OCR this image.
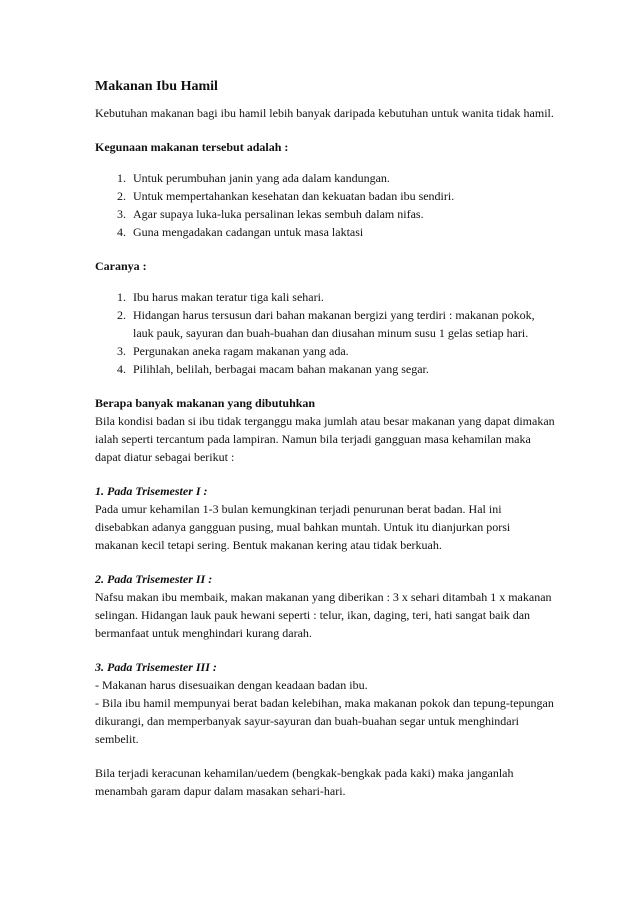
Makanan Ibu Hamil

Kebutuhan makanan bagi ibu hamil lebih banyak daripada kebutuhan untuk wanita tidak hamil.

Kegunaan makanan tersebut adalah :
1. Untuk perumbuhan janin yang ada dalam kandungan.
2. Untuk mempertahankan kesehatan dan kekuatan badan ibu sendiri.
3. Agar supaya luka-luka persalinan lekas sembuh dalam nifas.
4. Guna mengadakan cadangan untuk masa laktasi
Caranya :
1. Ibu harus makan teratur tiga kali sehari.
2. Hidangan harus tersusun dari bahan makanan bergizi yang terdiri : makanan pokok, lauk pauk, sayuran dan buah-buahan dan diusahan minum susu 1 gelas setiap hari.
3. Pergunakan aneka ragam makanan yang ada.
4. Pilihlah, belilah, berbagai macam bahan makanan yang segar.
Berapa banyak makanan yang dibutuhkan

Bila kondisi badan si ibu tidak terganggu maka jumlah atau besar makanan yang dapat dimakan ialah seperti tercantum pada lampiran. Namun bila terjadi gangguan masa kehamilan maka dapat diatur sebagai berikut :

1. Pada Trisemester I :

Pada umur kehamilan 1-3 bulan kemungkinan terjadi penurunan berat badan. Hal ini disebabkan adanya gangguan pusing, mual bahkan muntah. Untuk itu dianjurkan porsi makanan kecil tetapi sering. Bentuk makanan kering atau tidak berkuah.

2. Pada Trisemester II :

Nafsu makan ibu membaik, makan makanan yang diberikan : 3 x sehari ditambah 1 x makanan selingan. Hidangan lauk pauk hewani seperti : telur, ikan, daging, teri, hati sangat baik dan bermanfaat untuk menghindari kurang darah.

3. Pada Trisemester III :
- Makanan harus disesuaikan dengan keadaan badan ibu.

- Bila ibu hamil mempunyai berat badan kelebihan, maka makanan pokok dan tepung-tepungan dikurangi, dan memperbanyak sayur-sayuran dan buah-buahan segar untuk menghindari sembelit.

Bila terjadi keracunan kehamilan/uedem (bengkak-bengkak pada kaki) maka janganlah menambah garam dapur dalam masakan sehari-hari.
